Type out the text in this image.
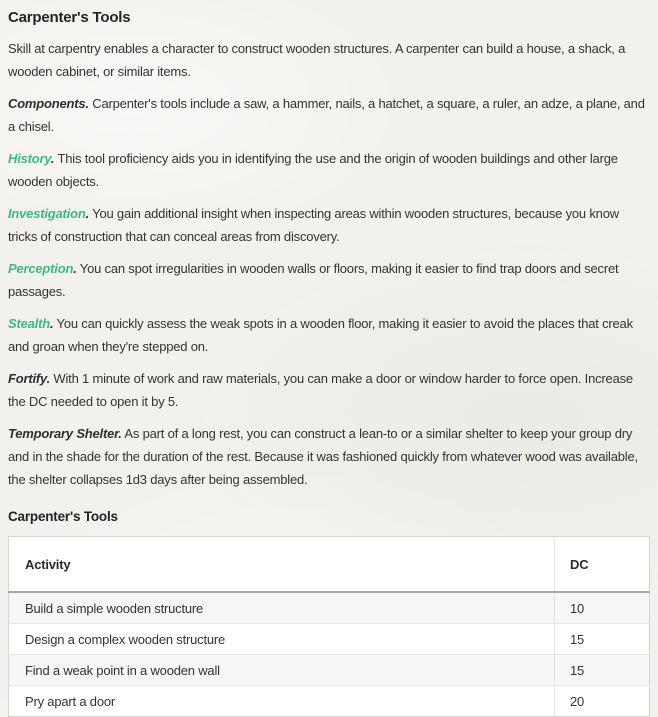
Carpenter's Tools

Skill at carpentry enables a character to construct wooden structures. A carpenter can build a house, a shack, a wooden cabinet, or similar items.

Components. Carpenter's tools include a saw, a hammer, nails, a hatchet, a square, a ruler, an adze, a plane, and a chisel.

History. This tool proficiency aids you in identifying the use and the origin of wooden buildings and other large wooden objects.

Investigation. You gain additional insight when inspecting areas within wooden structures, because you know tricks of construction that can conceal areas from discovery.

Perception. You can spot irregularities in wooden walls or floors, making it easier to find trap doors and secret passages.

Stealth. You can quickly assess the weak spots in a wooden floor, making it easier to avoid the places that creak and groan when they're stepped on.

Fortify. With 1 minute of work and raw materials, you can make a door or window harder to force open. Increase the DC needed to open it by 5.

Temporary Shelter. As part of a long rest, you can construct a lean-to or a similar shelter to keep your group dry and in the shade for the duration of the rest. Because it was fashioned quickly from whatever wood was available, the shelter collapses 1d3 days after being assembled.

Carpenter's Tools
Activity	DC
Build a simple wooden structure	10
Design a complex wooden structure	15
Find a weak point in a wooden wall	15
Pry apart a door	20
